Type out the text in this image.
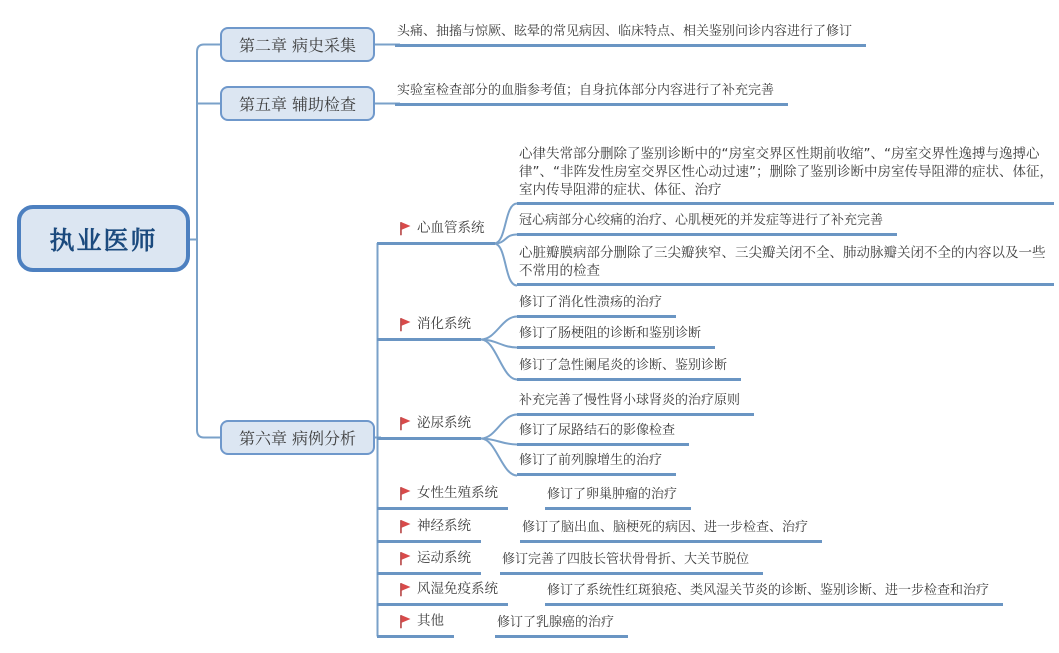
执业医师
第二章 病史采集
第五章 辅助检查
第六章 病例分析
头痛、抽搐与惊厥、眩晕的常见病因、临床特点、相关鉴别问诊内容进行了修订
实验室检查部分的血脂参考值；自身抗体部分内容进行了补充完善
心血管系统
消化系统
泌尿系统
女性生殖系统
神经系统
运动系统
风湿免疫系统
其他
心律失常部分删除了鉴别诊断中的“房室交界区性期前收缩”、“房室交界性逸搏与逸搏心律”、“非阵发性房室交界区性心动过速”；删除了鉴别诊断中房室传导阻滞的症状、体征，室内传导阻滞的症状、体征、治疗
冠心病部分心绞痛的治疗、心肌梗死的并发症等进行了补充完善
心脏瓣膜病部分删除了三尖瓣狭窄、三尖瓣关闭不全、肺动脉瓣关闭不全的内容以及一些不常用的检查
修订了消化性溃疡的治疗
修订了肠梗阻的诊断和鉴别诊断
修订了急性阑尾炎的诊断、鉴别诊断
补充完善了慢性肾小球肾炎的治疗原则
修订了尿路结石的影像检查
修订了前列腺增生的治疗
修订了卵巢肿瘤的治疗
修订了脑出血、脑梗死的病因、进一步检查、治疗
修订完善了四肢长管状骨骨折、大关节脱位
修订了系统性红斑狼疮、类风湿关节炎的诊断、鉴别诊断、进一步检查和治疗
修订了乳腺癌的治疗
